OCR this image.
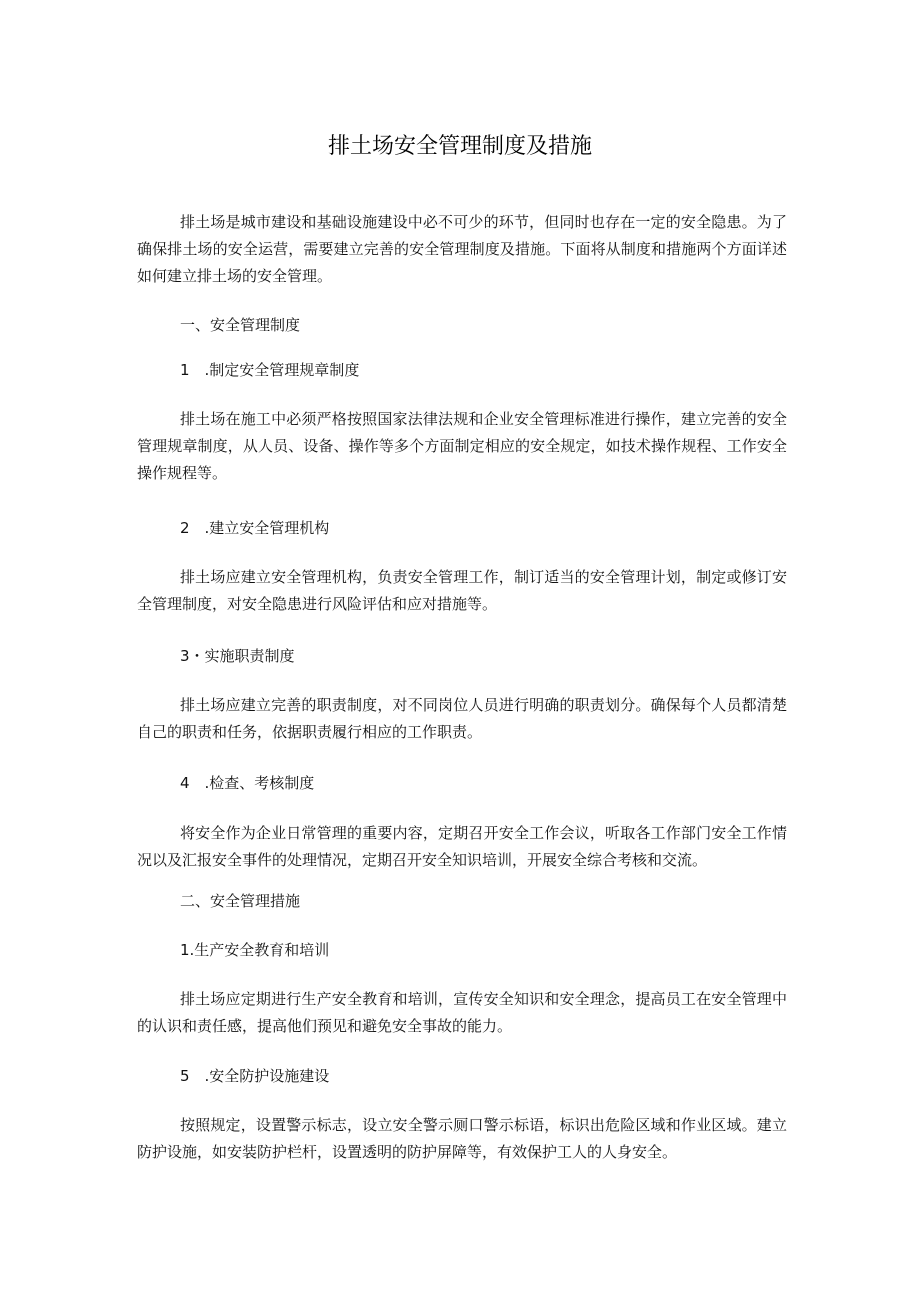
排土场安全管理制度及措施

排土场是城市建设和基础设施建设中必不可少的环节，但同时也存在一定的安全隐患。为了确保排土场的安全运营，需要建立完善的安全管理制度及措施。下面将从制度和措施两个方面详述如何建立排土场的安全管理。

一、安全管理制度

1　.制定安全管理规章制度

排土场在施工中必须严格按照国家法律法规和企业安全管理标准进行操作，建立完善的安全管理规章制度，从人员、设备、操作等多个方面制定相应的安全规定，如技术操作规程、工作安全操作规程等。

2　.建立安全管理机构

排土场应建立安全管理机构，负责安全管理工作，制订适当的安全管理计划，制定或修订安全管理制度，对安全隐患进行风险评估和应对措施等。

3・实施职责制度

排土场应建立完善的职责制度，对不同岗位人员进行明确的职责划分。确保每个人员都清楚自己的职责和任务，依据职责履行相应的工作职责。

4　.检查、考核制度

将安全作为企业日常管理的重要内容，定期召开安全工作会议，听取各工作部门安全工作情况以及汇报安全事件的处理情况，定期召开安全知识培训，开展安全综合考核和交流。

二、安全管理措施

1.生产安全教育和培训

排土场应定期进行生产安全教育和培训，宣传安全知识和安全理念，提高员工在安全管理中的认识和责任感，提高他们预见和避免安全事故的能力。

5　.安全防护设施建设

按照规定，设置警示标志，设立安全警示厕口警示标语，标识出危险区域和作业区域。建立防护设施，如安装防护栏杆，设置透明的防护屏障等，有效保护工人的人身安全。
